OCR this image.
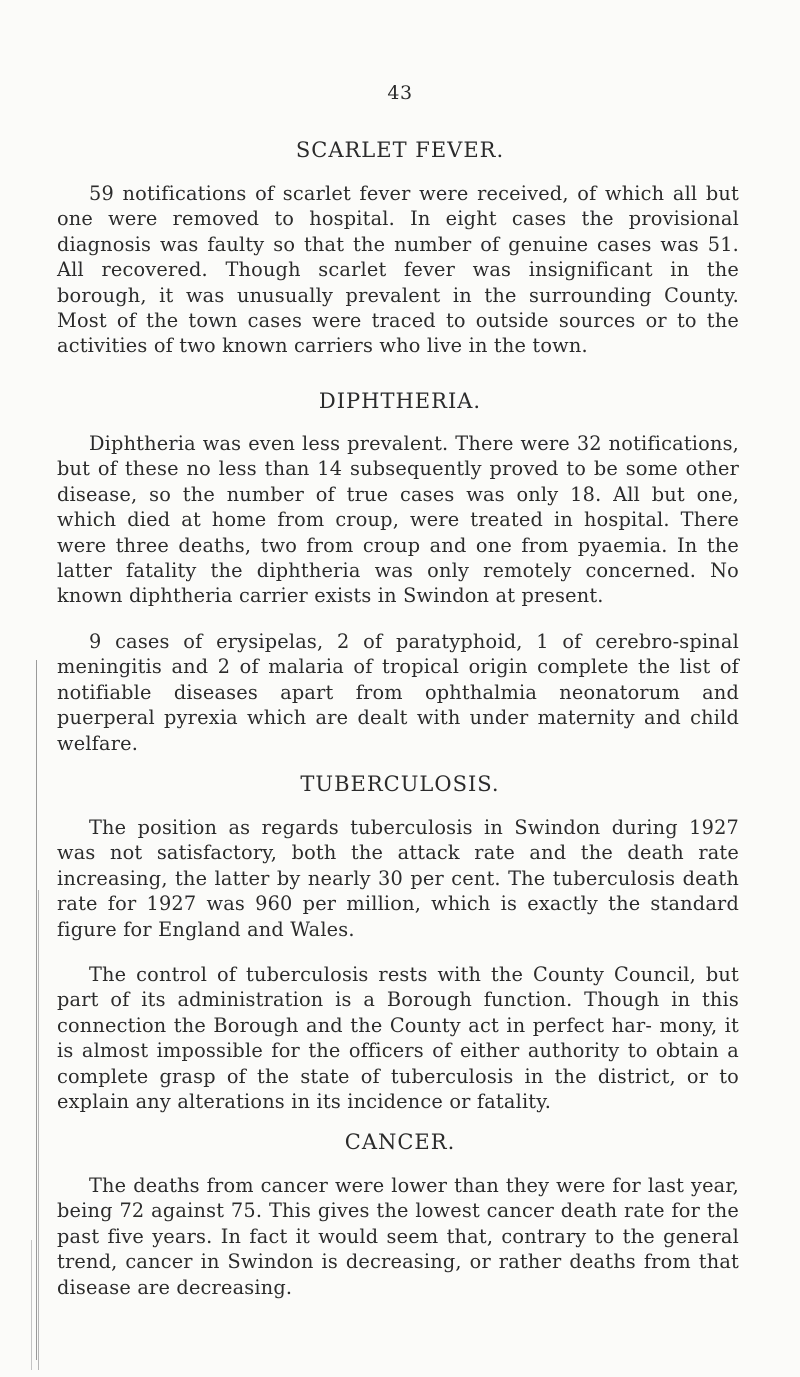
43
SCARLET FEVER.

59 notifications of scarlet fever were received, of which all but one were removed to hospital. In eight cases the provisional diagnosis was faulty so that the number of genuine cases was 51. All recovered. Though scarlet fever was insignificant in the borough, it was unusually prevalent in the surrounding County. Most of the town cases were traced to outside sources or to the activities of two known carriers who live in the town.

DIPHTHERIA.

Diphtheria was even less prevalent. There were 32 notifications, but of these no less than 14 subsequently proved to be some other disease, so the number of true cases was only 18. All but one, which died at home from croup, were treated in hospital. There were three deaths, two from croup and one from pyaemia. In the latter fatality the diphtheria was only remotely concerned. No known diphtheria carrier exists in Swindon at present.

9 cases of erysipelas, 2 of paratyphoid, 1 of cerebro-spinal meningitis and 2 of malaria of tropical origin complete the list of notifiable diseases apart from ophthalmia neonatorum and puerperal pyrexia which are dealt with under maternity and child welfare.

TUBERCULOSIS.

The position as regards tuberculosis in Swindon during 1927 was not satisfactory, both the attack rate and the death rate increasing, the latter by nearly 30 per cent. The tuberculosis death rate for 1927 was 960 per million, which is exactly the standard figure for England and Wales.

The control of tuberculosis rests with the County Council, but part of its administration is a Borough function. Though in this connection the Borough and the County act in perfect har- mony, it is almost impossible for the officers of either authority to obtain a complete grasp of the state of tuberculosis in the district, or to explain any alterations in its incidence or fatality.

CANCER.

The deaths from cancer were lower than they were for last year, being 72 against 75. This gives the lowest cancer death rate for the past five years. In fact it would seem that, contrary to the general trend, cancer in Swindon is decreasing, or rather deaths from that disease are decreasing.
